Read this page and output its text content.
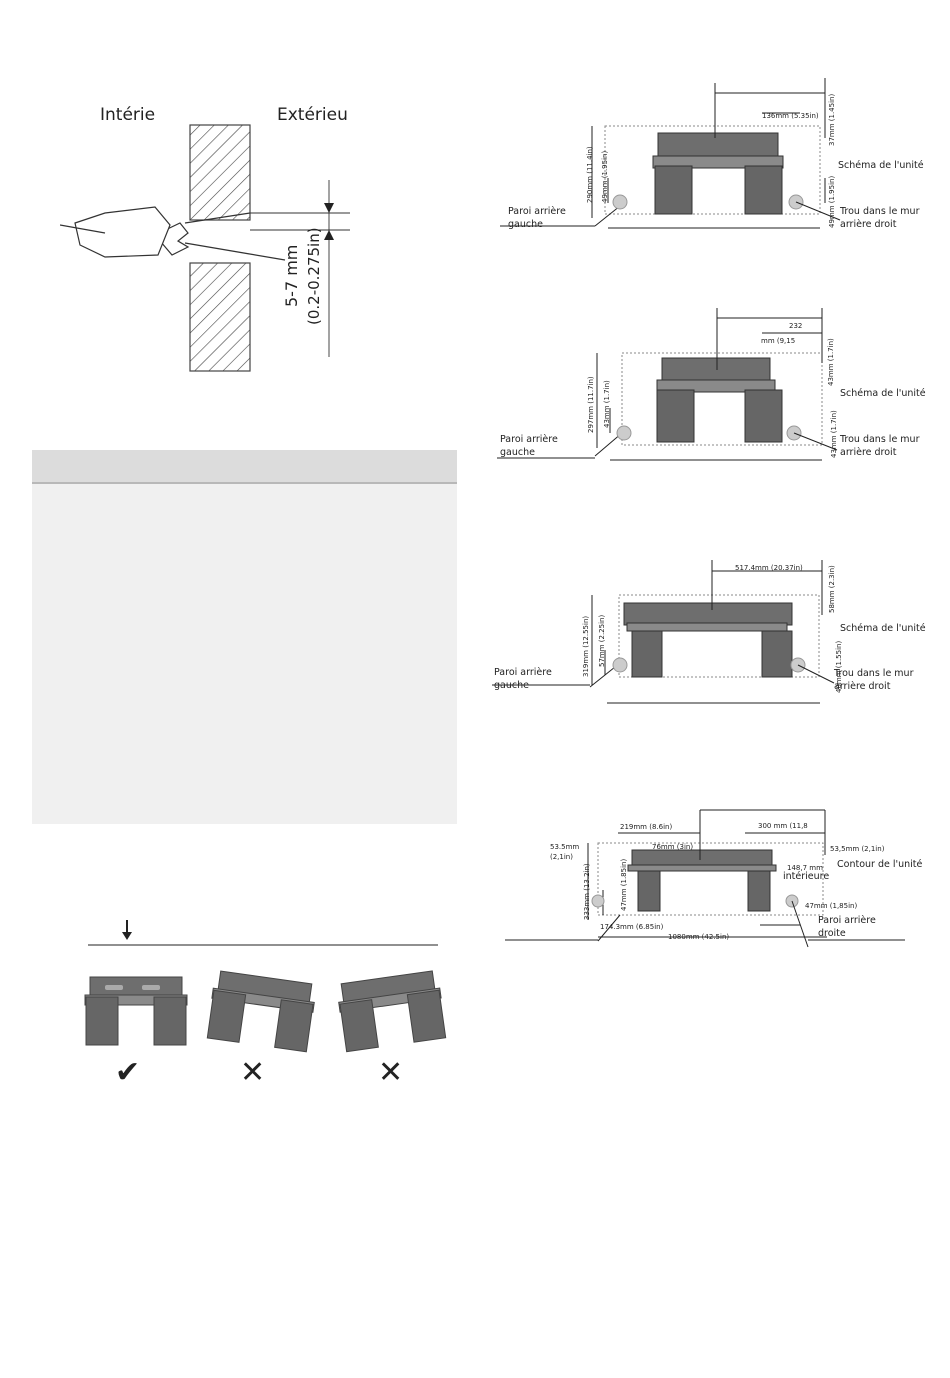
Intérie	Extérieu
5-7 mm (0.2-0.275in)
✔	✕	✕
136mm (5.35in) 37mm (1.45in)
290mm (11.4in) 49mm (1.95in)	49mm (1.95in)
Schéma de l'unité
Paroi arrière
gauche
Trou dans le mur
arrière droit
232
mm (9,15	43mm (1.7in)
297mm (11.7in) 43mm (1.7in)
43mm (1.7in)
Schéma de l'unité
Paroi arrière
gauche
Trou dans le mur
arrière droit
517.4mm (20.37in)	58mm (2.3in)
319mm (12.55in) 57mm (2.25in)	40mm (1.55in)
Schéma de l'unité
Paroi arrière
gauche
Trou dans le mur
arrière droit
219mm (8.6in)	300 mm (11,8
53.5mm
(2,1in)
53,5mm (2,1in)
76mm (3in)
148,7 mm
333mm (13.2in)	47mm (1.85in)	47mm (1,85in)
174.3mm (6.85in)
1080mm (42.5in)
Contour de l'unité
intérieure
Paroi arrière
droite
